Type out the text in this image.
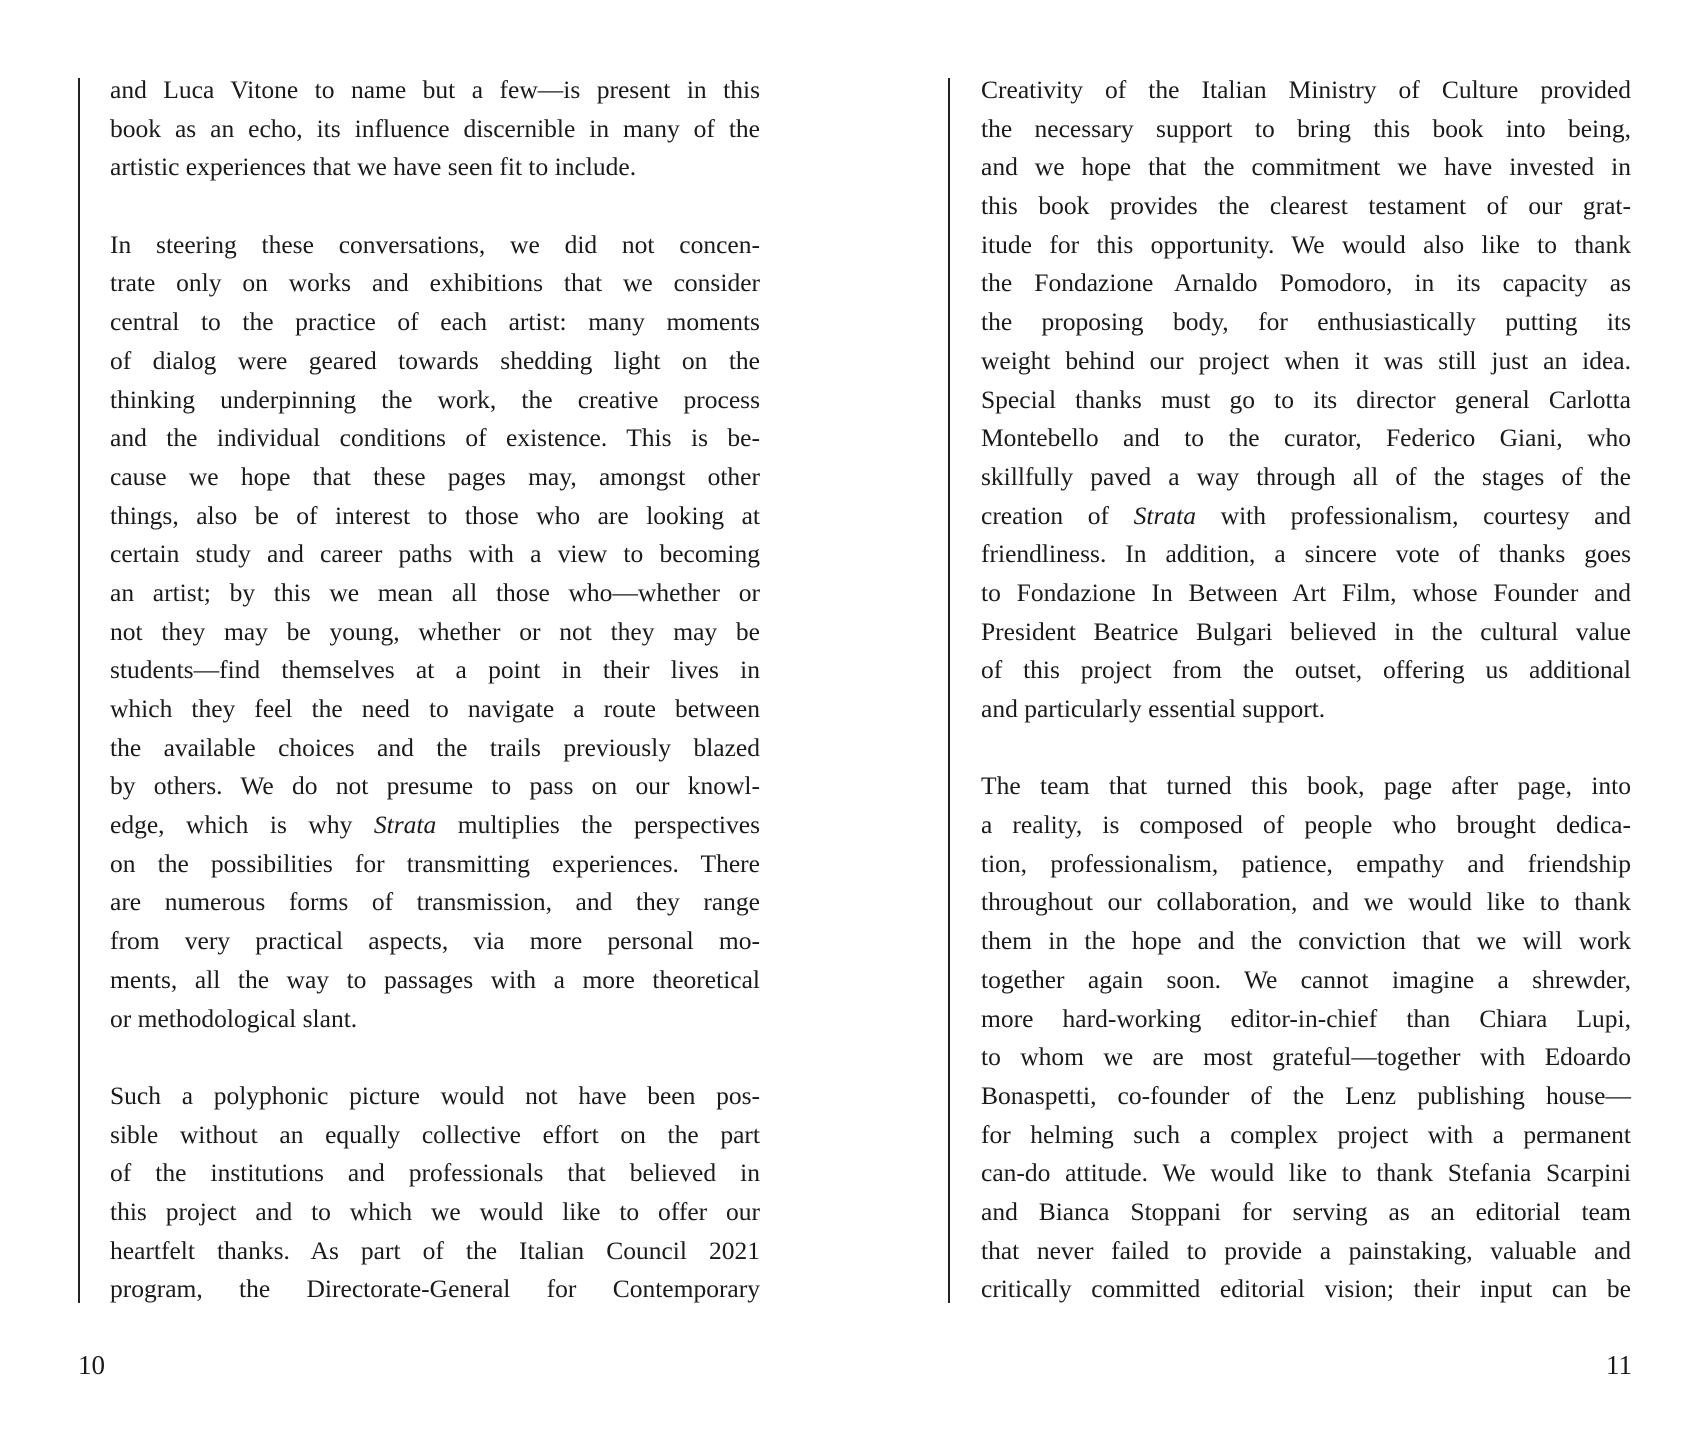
and Luca Vitone to name but a few—is present in this
book as an echo, its influence discernible in many of the
artistic experiences that we have seen fit to include.
In steering these conversations, we did not concen-
trate only on works and exhibitions that we consider
central to the practice of each artist: many moments
of dialog were geared towards shedding light on the
thinking underpinning the work, the creative process
and the individual conditions of existence. This is be-
cause we hope that these pages may, amongst other
things, also be of interest to those who are looking at
certain study and career paths with a view to becoming
an artist; by this we mean all those who—whether or
not they may be young, whether or not they may be
students—find themselves at a point in their lives in
which they feel the need to navigate a route between
the available choices and the trails previously blazed
by others. We do not presume to pass on our knowl-
edge, which is why Strata multiplies the perspectives
on the possibilities for transmitting experiences. There
are numerous forms of transmission, and they range
from very practical aspects, via more personal mo-
ments, all the way to passages with a more theoretical
or methodological slant.
Such a polyphonic picture would not have been pos-
sible without an equally collective effort on the part
of the institutions and professionals that believed in
this project and to which we would like to offer our
heartfelt thanks. As part of the Italian Council 2021
program, the Directorate-General for Contemporary
Creativity of the Italian Ministry of Culture provided
the necessary support to bring this book into being,
and we hope that the commitment we have invested in
this book provides the clearest testament of our grat-
itude for this opportunity. We would also like to thank
the Fondazione Arnaldo Pomodoro, in its capacity as
the proposing body, for enthusiastically putting its
weight behind our project when it was still just an idea.
Special thanks must go to its director general Carlotta
Montebello and to the curator, Federico Giani, who
skillfully paved a way through all of the stages of the
creation of Strata with professionalism, courtesy and
friendliness. In addition, a sincere vote of thanks goes
to Fondazione In Between Art Film, whose Founder and
President Beatrice Bulgari believed in the cultural value
of this project from the outset, offering us additional
and particularly essential support.
The team that turned this book, page after page, into
a reality, is composed of people who brought dedica-
tion, professionalism, patience, empathy and friendship
throughout our collaboration, and we would like to thank
them in the hope and the conviction that we will work
together again soon. We cannot imagine a shrewder,
more hard-working editor-in-chief than Chiara Lupi,
to whom we are most grateful—together with Edoardo
Bonaspetti, co-founder of the Lenz publishing house—
for helming such a complex project with a permanent
can-do attitude. We would like to thank Stefania Scarpini
and Bianca Stoppani for serving as an editorial team
that never failed to provide a painstaking, valuable and
critically committed editorial vision; their input can be
10	11
